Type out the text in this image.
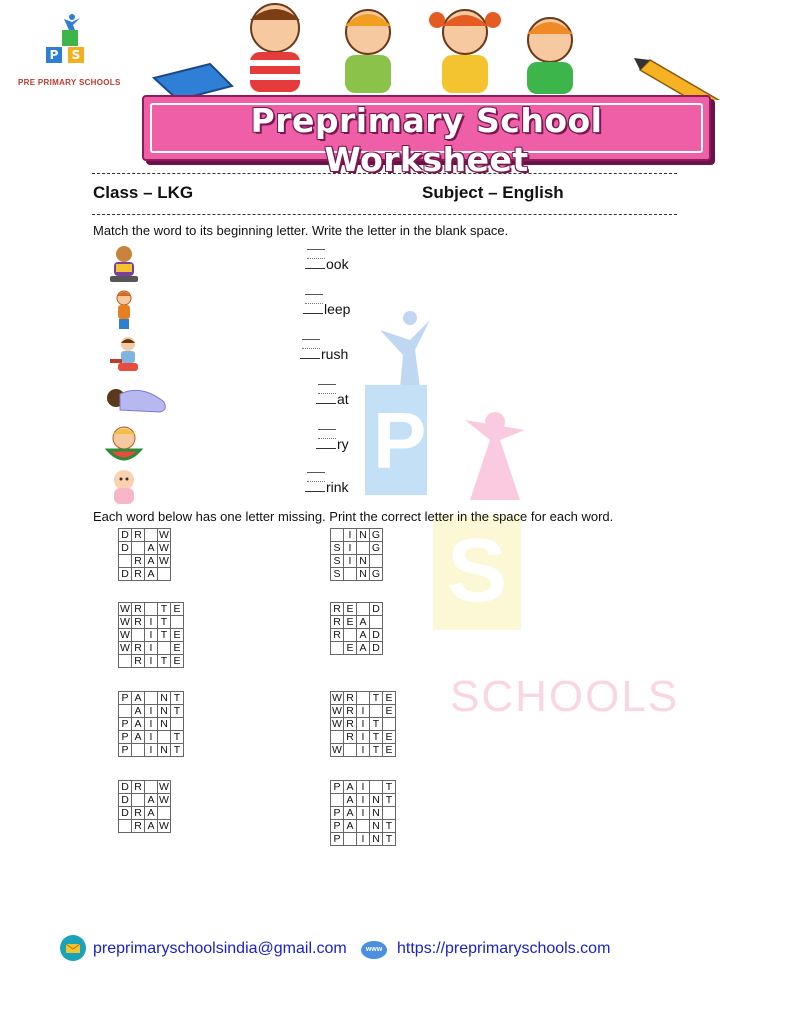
P
S
SCHOOLS
P	S
PRE PRIMARY SCHOOLS
Preprimary School Worksheet
Class – LKG	Subject – English
Match the word to its beginning letter. Write the letter in the blank space.
ook
leep
rush
at
ry
rink
Each word below has one letter missing. Print the correct letter in the space for each word.
D	R		W
D		A	W
	R	A	W
D	R	A	
	I	N	G
S	I		G
S	I	N	
S		N	G
W	R		T	E
W	R	I	T	
W		I	T	E
W	R	I		E
	R	I	T	E
R	E		D
R	E	A	
R		A	D
	E	A	D
P	A		N	T
	A	I	N	T
P	A	I	N	
P	A	I		T
P		I	N	T
W	R		T	E
W	R	I		E
W	R	I	T	
	R	I	T	E
W		I	T	E
D	R		W
D		A	W
D	R	A	
	R	A	W
P	A	I		T
	A	I	N	T
P	A	I	N	
P	A		N	T
P		I	N	T
preprimaryschoolsindia@gmail.com	www https://preprimaryschools.com
